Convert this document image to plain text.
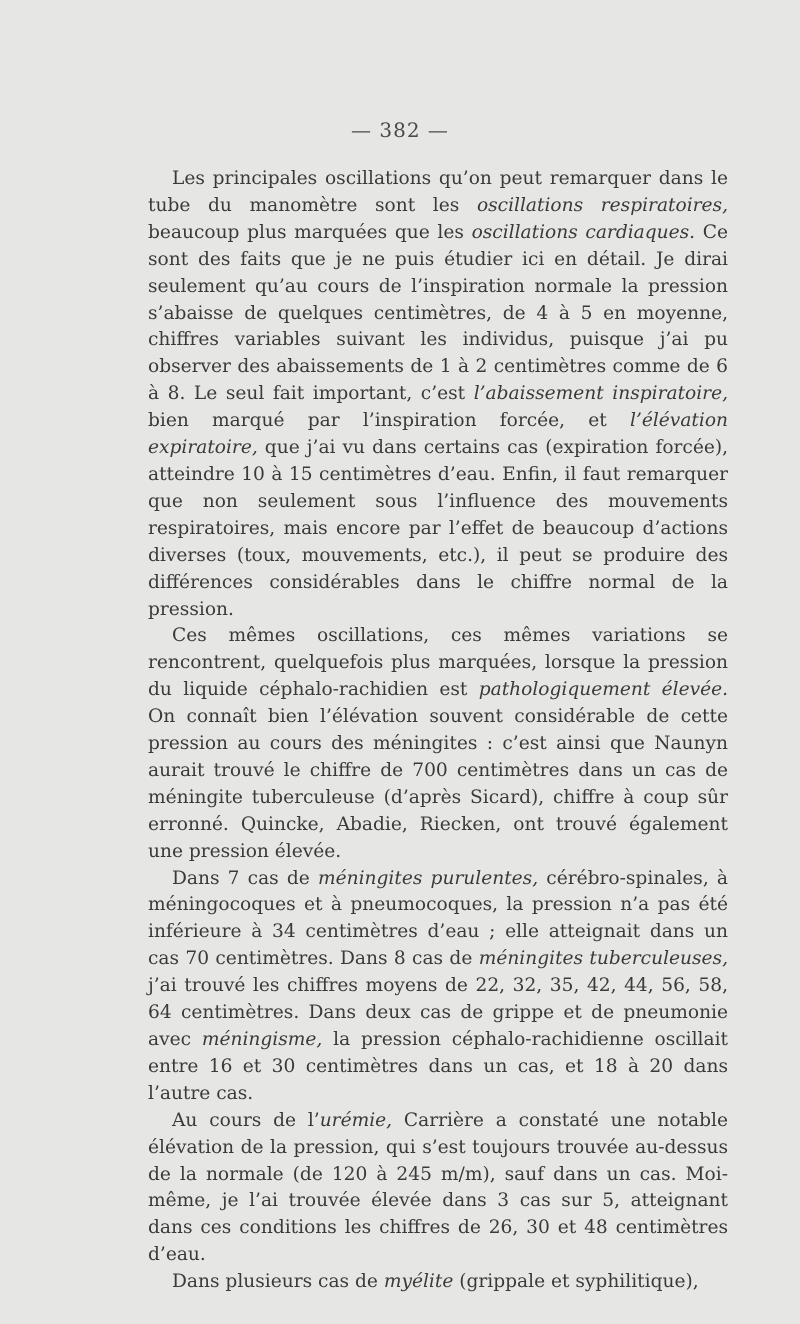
— 382 —

Les principales oscillations qu’on peut remarquer dans le tube du manomètre sont les oscillations respiratoires, beaucoup plus marquées que les oscillations cardiaques. Ce sont des faits que je ne puis étudier ici en détail. Je dirai seulement qu’au cours de l’inspiration normale la pression s’abaisse de quelques centimètres, de 4 à 5 en moyenne, chiffres variables suivant les individus, puisque j’ai pu observer des abaissements de 1 à 2 centimètres comme de 6 à 8. Le seul fait important, c’est l’abaissement inspiratoire, bien marqué par l’inspiration forcée, et l’élévation expiratoire, que j’ai vu dans certains cas (expiration forcée), atteindre 10 à 15 centimètres d’eau. Enfin, il faut remarquer que non seulement sous l’influence des mouvements respiratoires, mais encore par l’effet de beaucoup d’actions diverses (toux, mouvements, etc.), il peut se produire des différences considérables dans le chiffre normal de la pression.

Ces mêmes oscillations, ces mêmes variations se rencontrent, quelquefois plus marquées, lorsque la pression du liquide céphalo-rachidien est pathologiquement élevée. On connaît bien l’élévation souvent considérable de cette pression au cours des méningites : c’est ainsi que Naunyn aurait trouvé le chiffre de 700 centimètres dans un cas de méningite tuberculeuse (d’après Sicard), chiffre à coup sûr erronné. Quincke, Abadie, Riecken, ont trouvé également une pression élevée.

Dans 7 cas de méningites purulentes, cérébro-spinales, à méningocoques et à pneumocoques, la pression n’a pas été inférieure à 34 centimètres d’eau ; elle atteignait dans un cas 70 centimètres. Dans 8 cas de méningites tuberculeuses, j’ai trouvé les chiffres moyens de 22, 32, 35, 42, 44, 56, 58, 64 centimètres. Dans deux cas de grippe et de pneumonie avec méningisme, la pression céphalo-rachidienne oscillait entre 16 et 30 centimètres dans un cas, et 18 à 20 dans l’autre cas.

Au cours de l’urémie, Carrière a constaté une notable élévation de la pression, qui s’est toujours trouvée au-dessus de la normale (de 120 à 245 m/m), sauf dans un cas. Moi-même, je l’ai trouvée élevée dans 3 cas sur 5, atteignant dans ces conditions les chiffres de 26, 30 et 48 centimètres d’eau.

Dans plusieurs cas de myélite (grippale et syphilitique),
